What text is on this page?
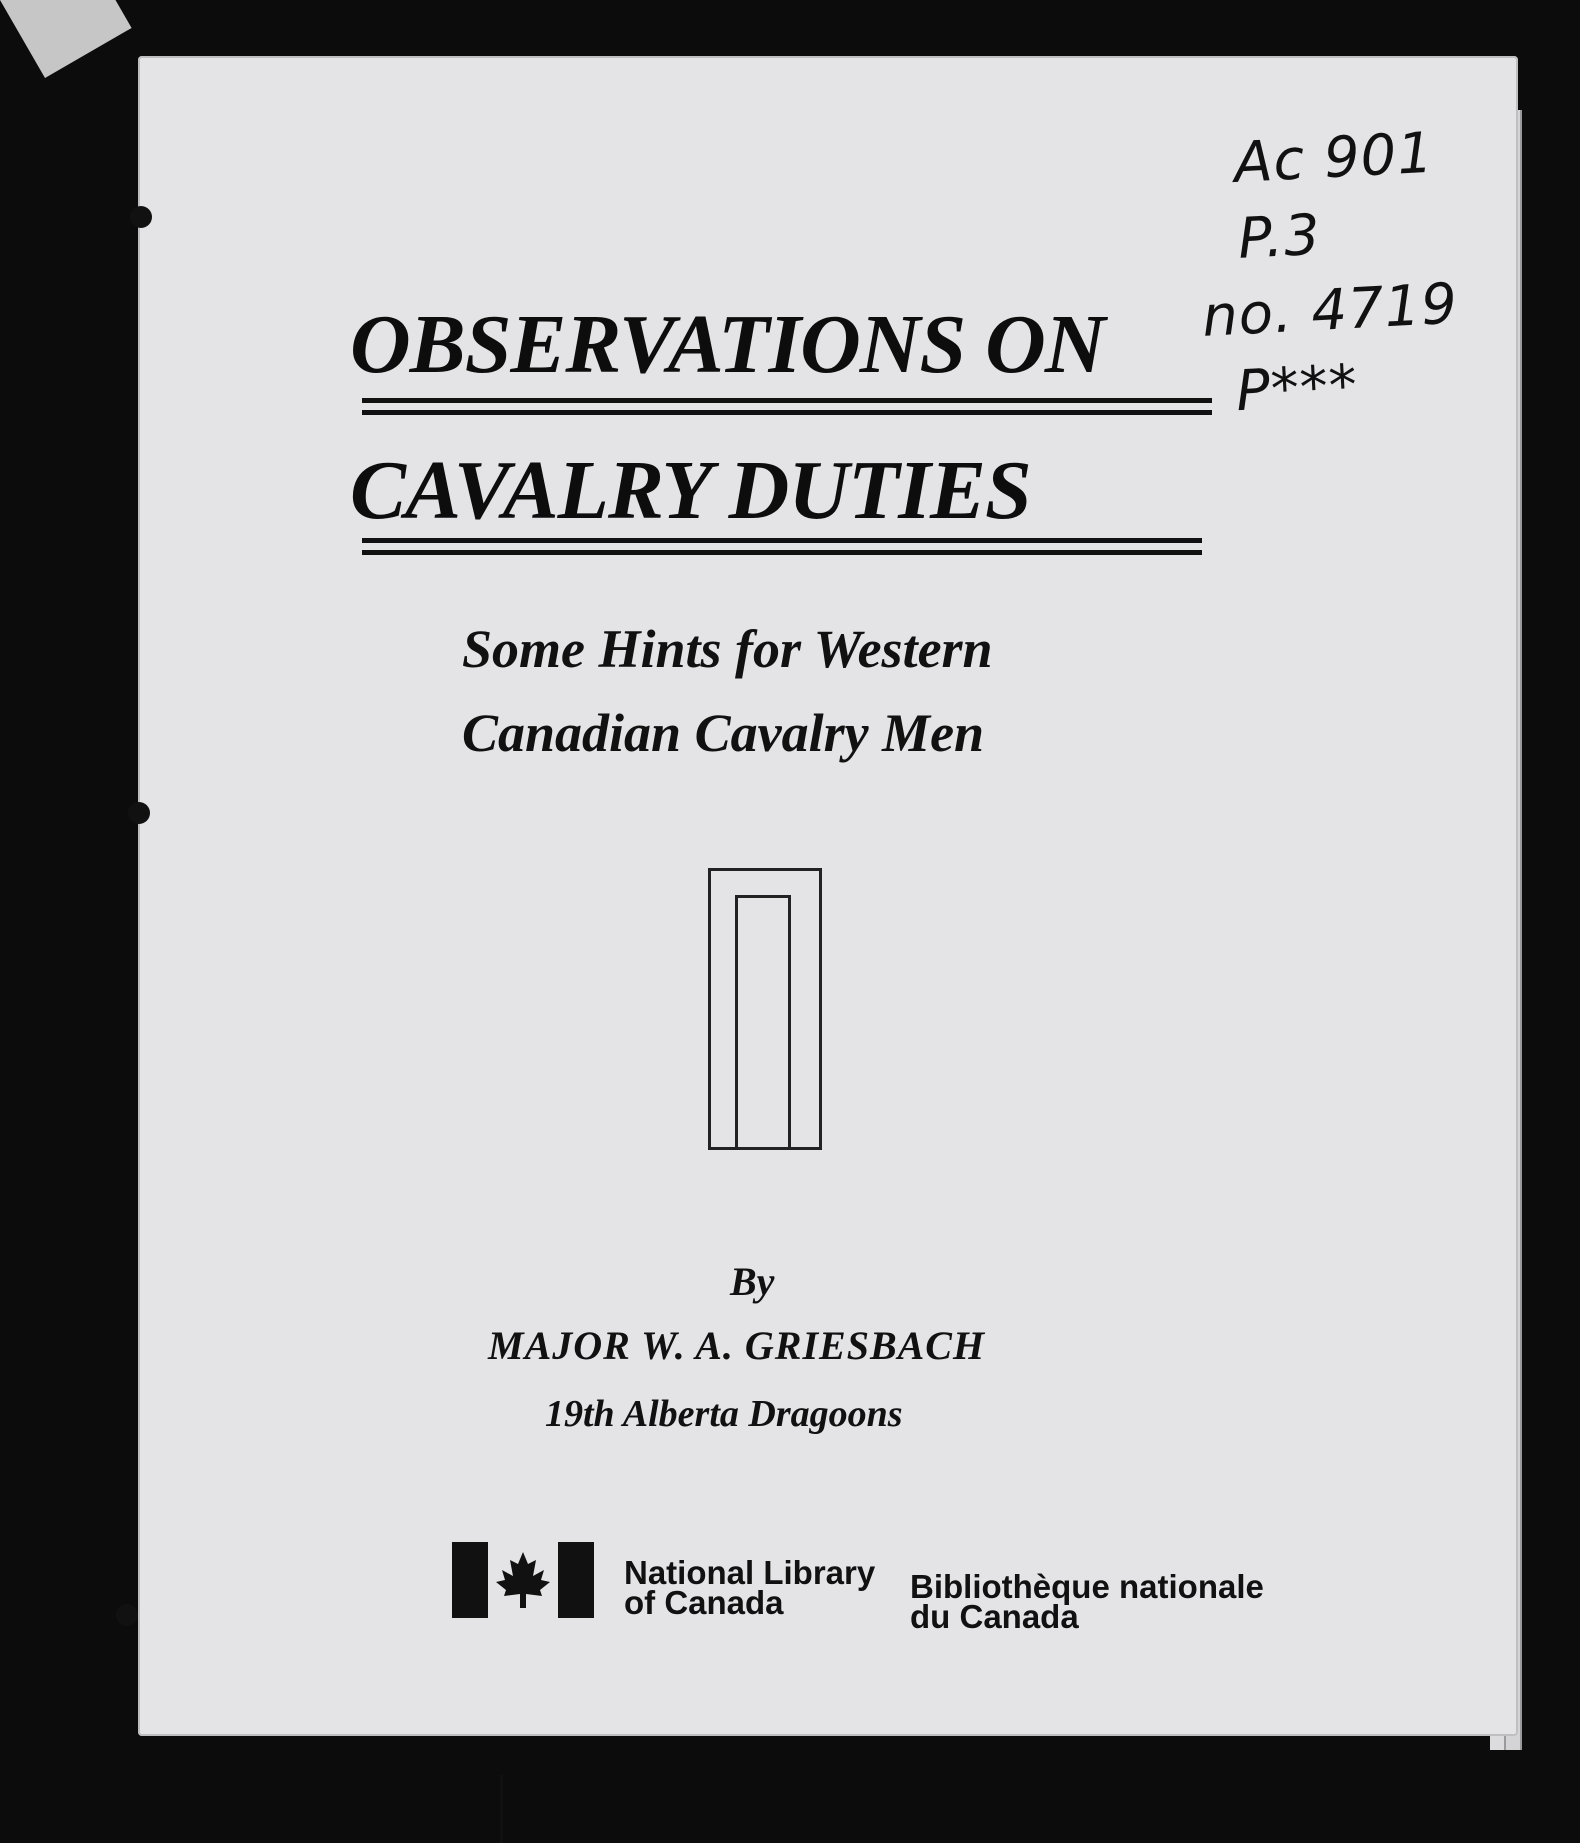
Ac 901
P.3
no. 4719
P***
OBSERVATIONS ON
CAVALRY DUTIES
Some Hints for Western
Canadian Cavalry Men
By
MAJOR W. A. GRIESBACH
19th Alberta Dragoons
National Library
of Canada	Bibliothèque nationale
du Canada
